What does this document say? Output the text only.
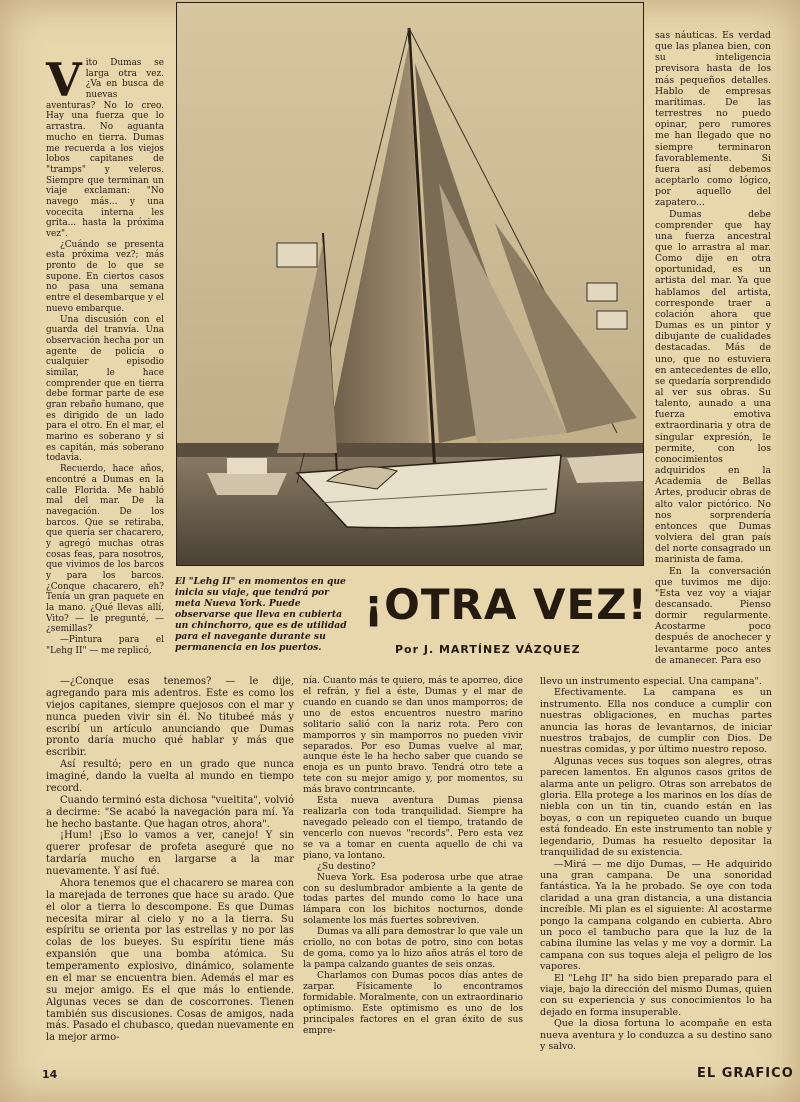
V ito Dumas se larga otra vez. ¿Va en busca de nuevas aventuras? No lo creo. Hay una fuerza que lo arrastra. No aguanta mucho en tierra. Dumas me recuerda a los viejos lobos capitanes de "tramps" y veleros. Siempre que terminan un viaje exclaman: "No navego más... y una vocecita interna les grita... hasta la próxima vez".

¿Cuándo se presenta esta próxima vez?; más pronto de lo que se supone. En ciertos casos no pasa una semana entre el desembarque y el nuevo embarque.

Una discusión con el guarda del tranvía. Una observación hecha por un agente de policía o cualquier episodio similar, le hace comprender que en tierra debe formar parte de ese gran rebaño humano, que es dirigido de un lado para el otro. En el mar, el marino es soberano y si es capitán, más soberano todavía.

Recuerdo, hace años, encontré a Dumas en la calle Florida. Me habló mal del mar. De la navegación. De los barcos. Que se retiraba, que quería ser chacarero, y agregó muchas otras cosas feas, para nosotros, que vivimos de los barcos y para los barcos. ¿Conque chacarero, eh? Tenía un gran paquete en la mano. ¿Qué llevas allí, Vito? — le pregunté, —¿semillas?

—Pintura para el "Lehg II" — me replicó,

—¿Conque esas tenemos? — le dije, agregando para mis adentros. Este es como los viejos capitanes, siempre quejosos con el mar y nunca pueden vivir sin él. No titubeé más y escribí un artículo anunciando que Dumas pronto daría mucho qué hablar y más que escribir.

Así resultó; pero en un grado que nunca imaginé, dando la vuelta al mundo en tiempo record.

Cuando terminó esta dichosa "vueltita", volvió a decirme: "Se acabó la navegación para mí. Ya he hecho bastante. Que hagan otros, ahora".

¡Hum! ¡Eso lo vamos a ver, canejo! Y sin querer profesar de profeta aseguré que no tardaría mucho en largarse a la mar nuevamente. Y así fué.

Ahora tenemos que el chacarero se marea con la marejada de terrones que hace su arado. Que el olor a tierra lo descompone. Es que Dumas necesita mirar al cielo y no a la tierra. Su espíritu se orienta por las estrellas y no por las colas de los bueyes. Su espíritu tiene más expansión que una bomba atómica. Su temperamento explosivo, dinámico, solamente en el mar se encuentra bien. Además el mar es su mejor amigo. Es el que más lo entiende. Algunas veces se dan de coscorrones. Tienen también sus discusiones. Cosas de amigos, nada más. Pasado el chubasco, quedan nuevamente en la mejor armo-

sas náuticas. Es verdad que las planea bien, con su inteligencia previsora hasta de los más pequeños detalles. Hablo de empresas marítimas. De las terrestres no puedo opinar, pero rumores me han llegado que no siempre terminaron favorablemente. Si fuera así debemos aceptarlo como lógico, por aquello del zapatero...

Dumas debe comprender que hay una fuerza ancestral que lo arrastra al mar. Como dije en otra oportunidad, es un artista del mar. Ya que hablamos del artista, corresponde traer a colación ahora que Dumas es un pintor y dibujante de cualidades destacadas. Más de uno, que no estuviera en antecedentes de ello, se quedaría sorprendido al ver sus obras. Su talento, aunado a una fuerza emotiva extraordinaria y otra de singular expresión, le permite, con los conocimientos adquiridos en la Academia de Bellas Artes, producir obras de alto valor pictórico. No nos sorprendería entonces que Dumas volviera del gran país del norte consagrado un marinista de fama.

En la conversación que tuvimos me dijo: "Esta vez voy a viajar descansado. Pienso dormir regularmente. Acostarme poco después de anochecer y levantarme poco antes de amanecer. Para eso

El "Lehg II" en momentos en que inicia su viaje, que tendrá por meta Nueva York. Puede observarse que lleva en cubierta un chinchorro, que es de utilidad para el navegante durante su permanencia en los puertos.
¡OTRA VEZ!
Por J. MARTÍNEZ VÁZQUEZ

nía. Cuanto más te quiero, más te aporreo, dice el refrán, y fiel a éste, Dumas y el mar de cuando en cuando se dan unos mamporros; de uno de estos encuentros nuestro marino solitario salió con la nariz rota. Pero con mamporros y sin mamporros no pueden vivir separados. Por eso Dumas vuelve al mar, aunque éste le ha hecho saber que cuando se enoja es un punto bravo. Tendrá otro tete a tete con su mejor amigo y, por momentos, su más bravo contrincante.

Esta nueva aventura Dumas piensa realizarla con toda tranquilidad. Siempre ha navegado peleado con el tiempo, tratando de vencerlo con nuevos "records". Pero esta vez se va a tomar en cuenta aquello de chi va piano, va lontano.

¿Su destino?

Nueva York. Esa poderosa urbe que atrae con su deslumbrador ambiente a la gente de todas partes del mundo como lo hace una lámpara con los bichitos nocturnos, donde solamente los más fuertes sobreviven.

Dumas va allí para demostrar lo que vale un criollo, no con botas de potro, sino con botas de goma, como ya lo hizo años atrás el toro de la pampa calzando guantes de seis onzas.

Charlamos con Dumas pocos días antes de zarpar. Físicamente lo encontramos formidable. Moralmente, con un extraordinario optimismo. Este optimismo es uno de los principales factores en el gran éxito de sus empre-

llevo un instrumento especial. Una campana".

Efectivamente. La campana es un instrumento. Ella nos conduce a cumplir con nuestras obligaciones, en muchas partes anuncia las horas de levantarnos, de iniciar nuestros trabajos, de cumplir con Dios. De nuestras comidas, y por último nuestro reposo.

Algunas veces sus toques son alegres, otras parecen lamentos. En algunos casos gritos de alarma ante un peligro. Otras son arrebatos de gloria. Ella protege a los marinos en los días de niebla con un tin tin, cuando están en las boyas, o con un repiqueteo cuando un buque está fondeado. En este instrumento tan noble y legendario, Dumas ha resuelto depositar la tranquilidad de su existencia.

—Mirá — me dijo Dumas, — He adquirido una gran campana. De una sonoridad fantástica. Ya la he probado. Se oye con toda claridad a una gran distancia, a una distancia increíble. Mi plan es el siguiente: Al acostarme pongo la campana colgando en cubierta. Abro un poco el tambucho para que la luz de la cabina ilumine las velas y me voy a dormir. La campana con sus toques aleja el peligro de los vapores.

El "Lehg II" ha sido bien preparado para el viaje, bajo la dirección del mismo Dumas, quien con su experiencia y sus conocimientos lo ha dejado en forma insuperable.

Que la diosa fortuna lo acompañe en esta nueva aventura y lo conduzca a su destino sano y salvo.

14	EL GRAFICO
